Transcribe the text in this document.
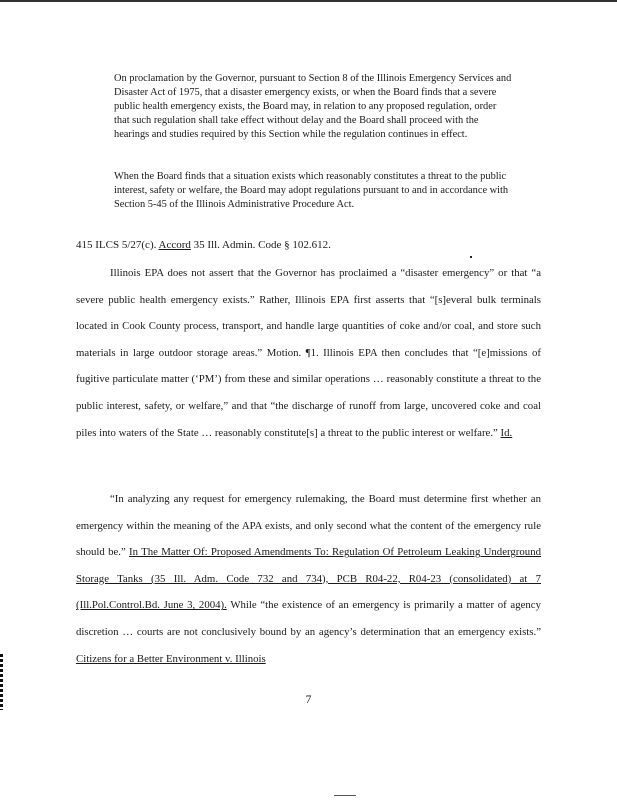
On proclamation by the Governor, pursuant to Section 8 of the Illinois Emergency Services and Disaster Act of 1975, that a disaster emergency exists, or when the Board finds that a severe public health emergency exists, the Board may, in relation to any proposed regulation, order that such regulation shall take effect without delay and the Board shall proceed with the hearings and studies required by this Section while the regulation continues in effect.
When the Board finds that a situation exists which reasonably constitutes a threat to the public interest, safety or welfare, the Board may adopt regulations pursuant to and in accordance with Section 5-45 of the Illinois Administrative Procedure Act.
415 ILCS 5/27(c). Accord 35 Ill. Admin. Code § 102.612.
Illinois EPA does not assert that the Governor has proclaimed a “disaster emergency” or that “a severe public health emergency exists.” Rather, Illinois EPA first asserts that “[s]everal bulk terminals located in Cook County process, transport, and handle large quantities of coke and/or coal, and store such materials in large outdoor storage areas.” Motion. ¶1. Illinois EPA then concludes that “[e]missions of fugitive particulate matter (‘PM’) from these and similar operations … reasonably constitute a threat to the public interest, safety, or welfare,” and that “the discharge of runoff from large, uncovered coke and coal piles into waters of the State … reasonably constitute[s] a threat to the public interest or welfare.” Id.
“In analyzing any request for emergency rulemaking, the Board must determine first whether an emergency within the meaning of the APA exists, and only second what the content of the emergency rule should be.” In The Matter Of: Proposed Amendments To: Regulation Of Petroleum Leaking Underground Storage Tanks (35 Ill. Adm. Code 732 and 734), PCB R04-22, R04-23 (consolidated) at 7 (Ill.Pol.Control.Bd. June 3, 2004). While “the existence of an emergency is primarily a matter of agency discretion … courts are not conclusively bound by an agency’s determination that an emergency exists.” Citizens for a Better Environment v. Illinois
7
